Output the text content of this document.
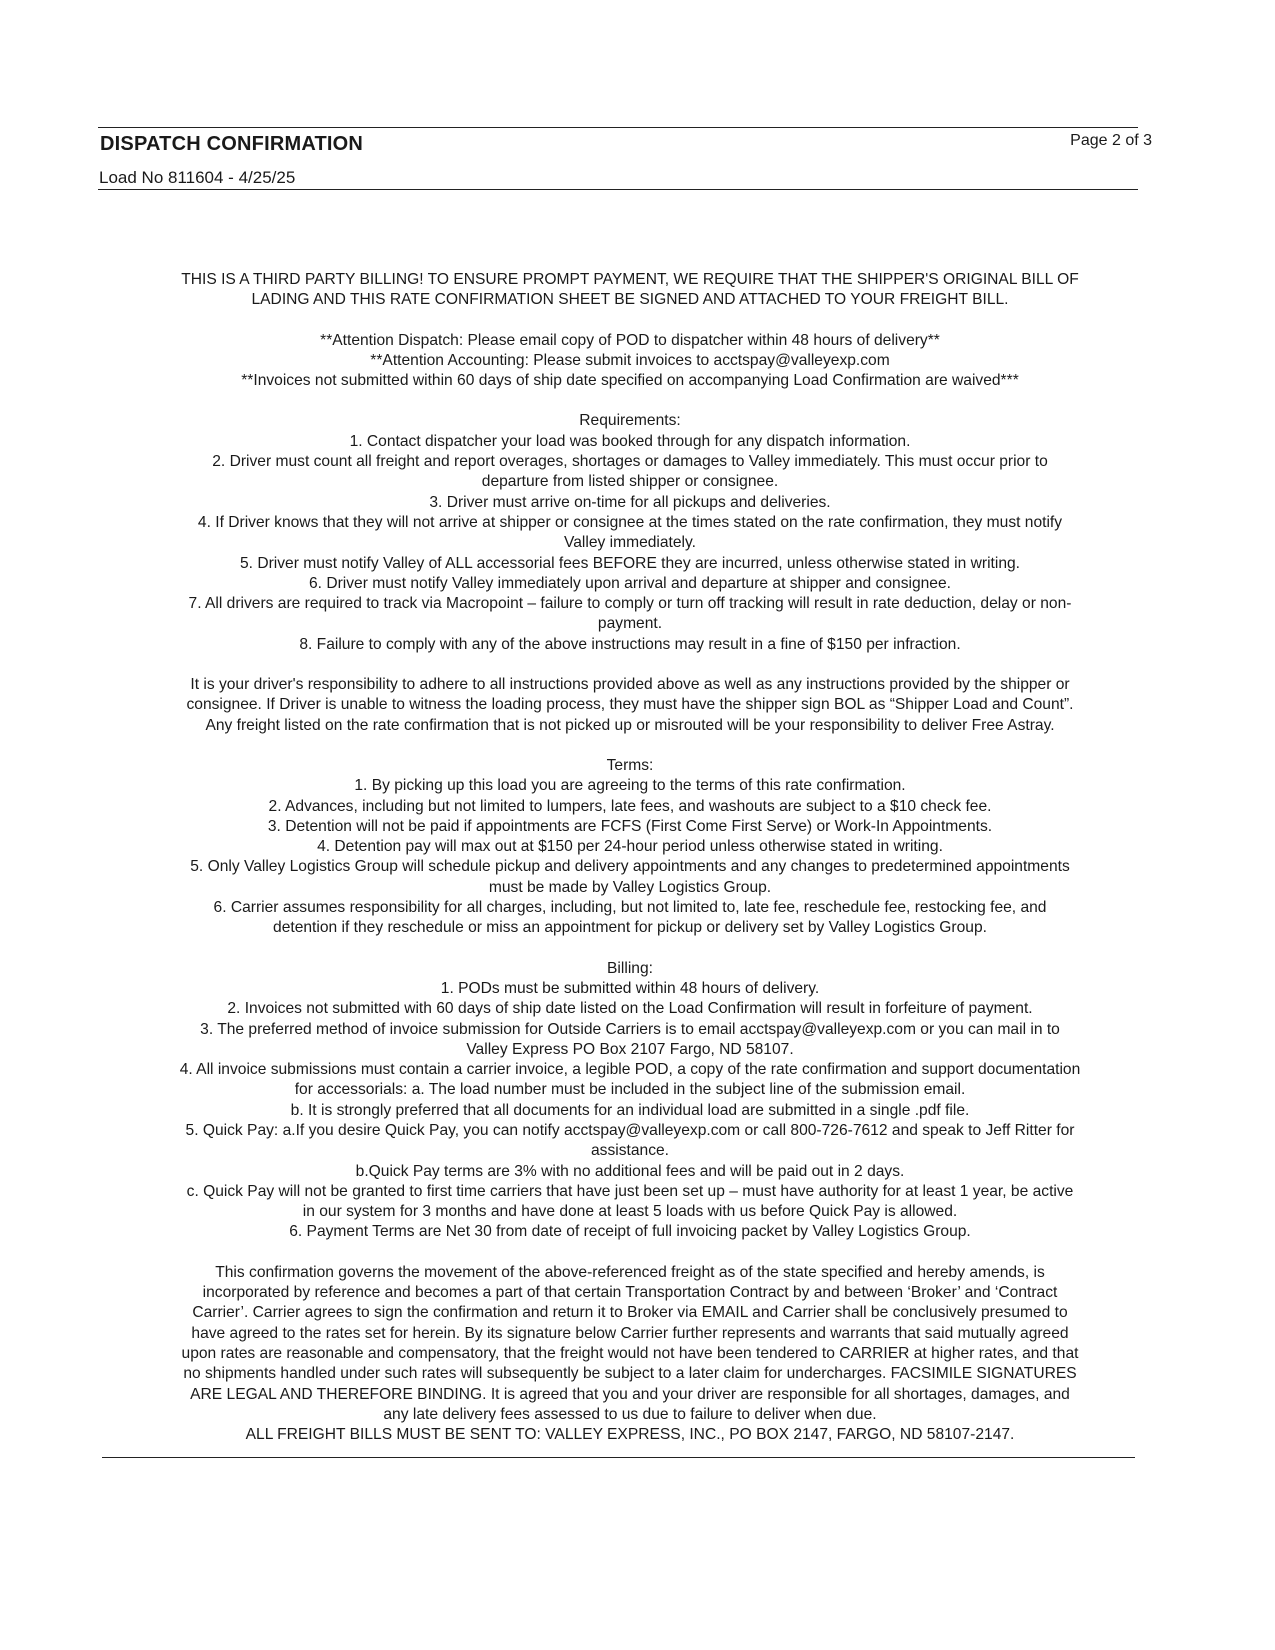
DISPATCH CONFIRMATION	Page 2 of 3
Load No 811604 - 4/25/25

THIS IS A THIRD PARTY BILLING! TO ENSURE PROMPT PAYMENT, WE REQUIRE THAT THE SHIPPER'S ORIGINAL BILL OF

LADING AND THIS RATE CONFIRMATION SHEET BE SIGNED AND ATTACHED TO YOUR FREIGHT BILL.

**Attention Dispatch: Please email copy of POD to dispatcher within 48 hours of delivery**

**Attention Accounting: Please submit invoices to acctspay@valleyexp.com

**Invoices not submitted within 60 days of ship date specified on accompanying Load Confirmation are waived***

Requirements:

1. Contact dispatcher your load was booked through for any dispatch information.

2. Driver must count all freight and report overages, shortages or damages to Valley immediately. This must occur prior to

departure from listed shipper or consignee.

3. Driver must arrive on-time for all pickups and deliveries.

4. If Driver knows that they will not arrive at shipper or consignee at the times stated on the rate confirmation, they must notify

Valley immediately.

5. Driver must notify Valley of ALL accessorial fees BEFORE they are incurred, unless otherwise stated in writing.

6. Driver must notify Valley immediately upon arrival and departure at shipper and consignee.

7. All drivers are required to track via Macropoint – failure to comply or turn off tracking will result in rate deduction, delay or non-

payment.

8. Failure to comply with any of the above instructions may result in a fine of $150 per infraction.

It is your driver's responsibility to adhere to all instructions provided above as well as any instructions provided by the shipper or

consignee. If Driver is unable to witness the loading process, they must have the shipper sign BOL as “Shipper Load and Count”.

Any freight listed on the rate confirmation that is not picked up or misrouted will be your responsibility to deliver Free Astray.

Terms:

1. By picking up this load you are agreeing to the terms of this rate confirmation.

2. Advances, including but not limited to lumpers, late fees, and washouts are subject to a $10 check fee.

3. Detention will not be paid if appointments are FCFS (First Come First Serve) or Work-In Appointments.

4. Detention pay will max out at $150 per 24-hour period unless otherwise stated in writing.

5. Only Valley Logistics Group will schedule pickup and delivery appointments and any changes to predetermined appointments

must be made by Valley Logistics Group.

6. Carrier assumes responsibility for all charges, including, but not limited to, late fee, reschedule fee, restocking fee, and

detention if they reschedule or miss an appointment for pickup or delivery set by Valley Logistics Group.

Billing:

1. PODs must be submitted within 48 hours of delivery.

2. Invoices not submitted with 60 days of ship date listed on the Load Confirmation will result in forfeiture of payment.

3. The preferred method of invoice submission for Outside Carriers is to email acctspay@valleyexp.com or you can mail in to

Valley Express PO Box 2107 Fargo, ND 58107.

4. All invoice submissions must contain a carrier invoice, a legible POD, a copy of the rate confirmation and support documentation

for accessorials: a. The load number must be included in the subject line of the submission email.

b. It is strongly preferred that all documents for an individual load are submitted in a single .pdf file.

5. Quick Pay: a.If you desire Quick Pay, you can notify acctspay@valleyexp.com or call 800-726-7612 and speak to Jeff Ritter for

assistance.

b.Quick Pay terms are 3% with no additional fees and will be paid out in 2 days.

c. Quick Pay will not be granted to first time carriers that have just been set up – must have authority for at least 1 year, be active

in our system for 3 months and have done at least 5 loads with us before Quick Pay is allowed.

6. Payment Terms are Net 30 from date of receipt of full invoicing packet by Valley Logistics Group.

This confirmation governs the movement of the above-referenced freight as of the state specified and hereby amends, is

incorporated by reference and becomes a part of that certain Transportation Contract by and between ‘Broker’ and ‘Contract

Carrier’. Carrier agrees to sign the confirmation and return it to Broker via EMAIL and Carrier shall be conclusively presumed to

have agreed to the rates set for herein. By its signature below Carrier further represents and warrants that said mutually agreed

upon rates are reasonable and compensatory, that the freight would not have been tendered to CARRIER at higher rates, and that

no shipments handled under such rates will subsequently be subject to a later claim for undercharges. FACSIMILE SIGNATURES

ARE LEGAL AND THEREFORE BINDING. It is agreed that you and your driver are responsible for all shortages, damages, and

any late delivery fees assessed to us due to failure to deliver when due.

ALL FREIGHT BILLS MUST BE SENT TO: VALLEY EXPRESS, INC., PO BOX 2147, FARGO, ND 58107-2147.
